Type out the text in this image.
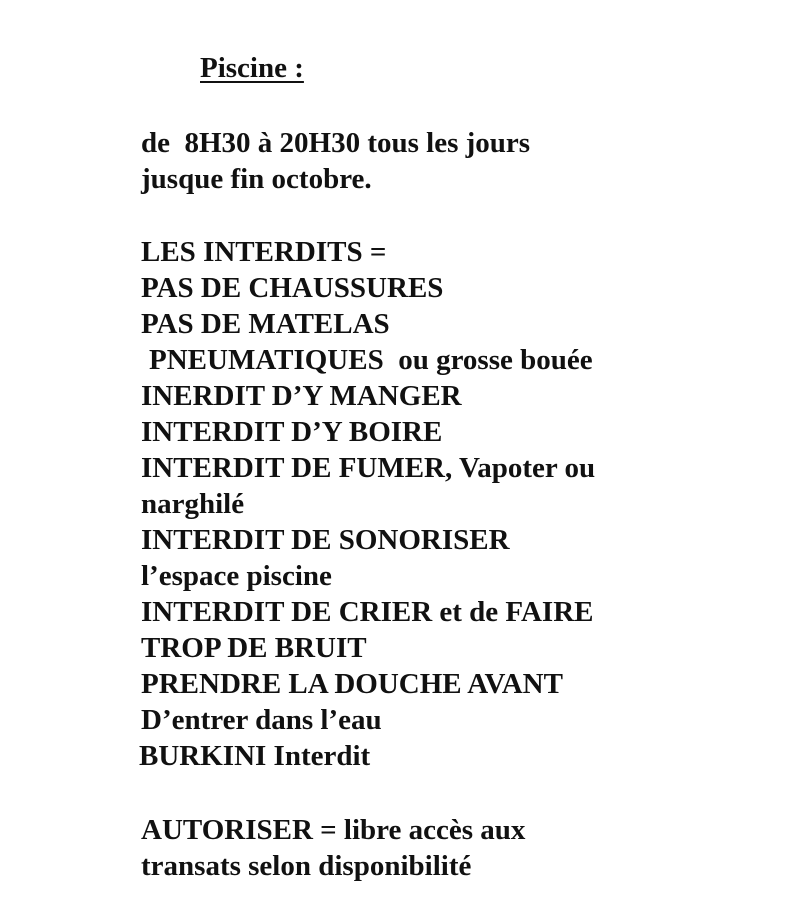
Piscine :
de  8H30 à 20H30 tous les jours
jusque fin octobre.
LES INTERDITS =
PAS DE CHAUSSURES
PAS DE MATELAS
PNEUMATIQUES  ou grosse bouée
INERDIT D’Y MANGER
INTERDIT D’Y BOIRE
INTERDIT DE FUMER, Vapoter ou
narghilé
INTERDIT DE SONORISER
l’espace piscine
INTERDIT DE CRIER et de FAIRE
TROP DE BRUIT
PRENDRE LA DOUCHE AVANT
D’entrer dans l’eau
BURKINI Interdit
AUTORISER = libre accès aux
transats selon disponibilité
